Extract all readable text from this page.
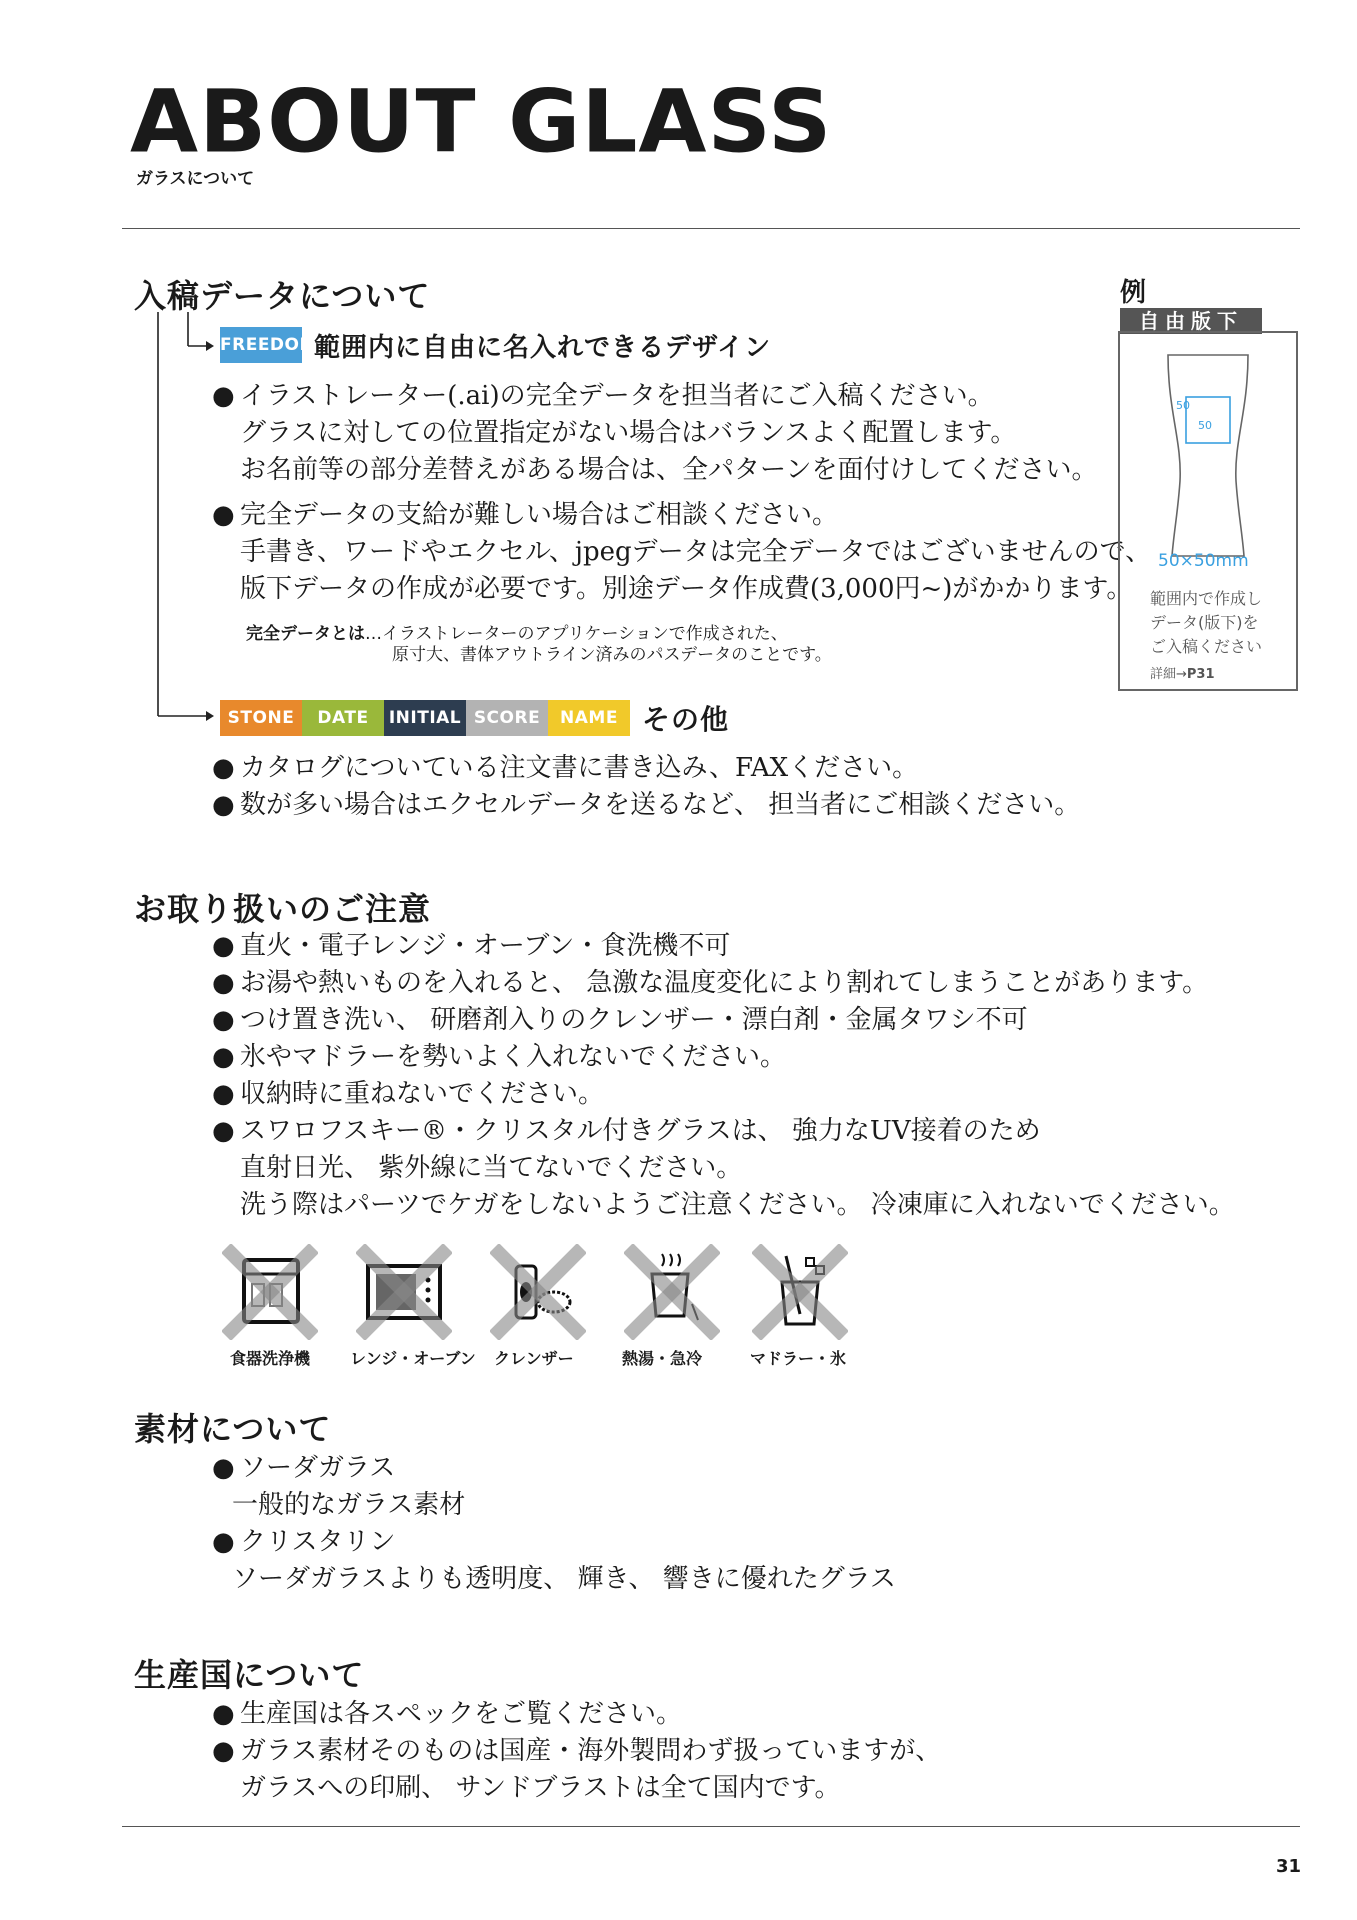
ABOUT GLASS
ガラスについて
入稿データについて
FREEDOM
範囲内に自由に名入れできるデザイン
● イラストレーター(.ai)の完全データを担当者にご入稿ください。
グラスに対しての位置指定がない場合はバランスよく配置します。
お名前等の部分差替えがある場合は、全パターンを面付けしてください。
● 完全データの支給が難しい場合はご相談ください。
手書き、ワードやエクセル、jpegデータは完全データではございませんので、
版下データの作成が必要です。別途データ作成費(3,000円~)がかかります。
完全データとは…イラストレーターのアプリケーションで作成された、
原寸大、書体アウトライン済みのパスデータのことです。
STONE	DATE	INITIAL SCORE	NAME その他
● カタログについている注文書に書き込み、FAXください。
● 数が多い場合はエクセルデータを送るなど、 担当者にご相談ください。
例
自由版下
50
50
50×50mm
範囲内で作成し
データ(版下)を
ご入稿ください
詳細→P31
お取り扱いのご注意
● 直火・電子レンジ・オーブン・食洗機不可
● お湯や熱いものを入れると、 急激な温度変化により割れてしまうことがあります。
● つけ置き洗い、 研磨剤入りのクレンザー・漂白剤・金属タワシ不可
● 氷やマドラーを勢いよく入れないでください。
● 収納時に重ねないでください。
● スワロフスキー®・クリスタル付きグラスは、 強力なUV接着のため
直射日光、 紫外線に当てないでください。
洗う際はパーツでケガをしないようご注意ください。 冷凍庫に入れないでください。
食器洗浄機 レンジ・オーブン クレンザー	熱湯・急冷	マドラー・氷
素材について
● ソーダガラス
一般的なガラス素材
● クリスタリン
ソーダガラスよりも透明度、 輝き、 響きに優れたグラス
生産国について
● 生産国は各スペックをご覧ください。
● ガラス素材そのものは国産・海外製問わず扱っていますが、
ガラスへの印刷、 サンドブラストは全て国内です。
31
